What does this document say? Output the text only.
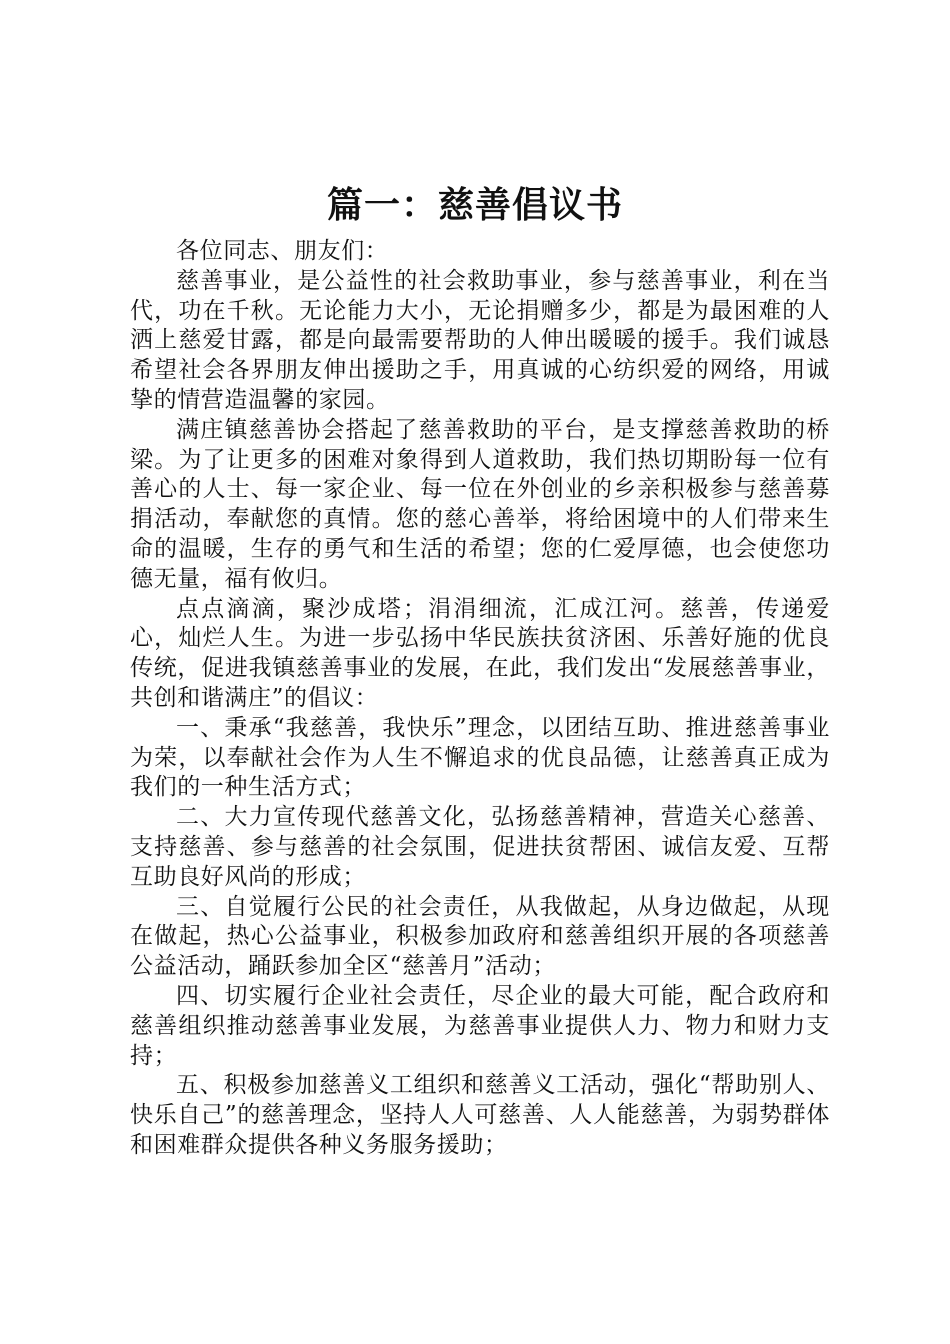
篇一：慈善倡议书

各位同志、朋友们：

慈善事业，是公益性的社会救助事业，参与慈善事业，利在当代，功在千秋。无论能力大小，无论捐赠多少，都是为最困难的人洒上慈爱甘露，都是向最需要帮助的人伸出暖暖的援手。我们诚恳希望社会各界朋友伸出援助之手，用真诚的心纺织爱的网络，用诚挚的情营造温馨的家园。

满庄镇慈善协会搭起了慈善救助的平台，是支撑慈善救助的桥梁。为了让更多的困难对象得到人道救助，我们热切期盼每一位有善心的人士、每一家企业、每一位在外创业的乡亲积极参与慈善募捐活动，奉献您的真情。您的慈心善举，将给困境中的人们带来生命的温暖，生存的勇气和生活的希望；您的仁爱厚德，也会使您功德无量，福有攸归。

点点滴滴，聚沙成塔；涓涓细流，汇成江河。慈善，传递爱心，灿烂人生。为进一步弘扬中华民族扶贫济困、乐善好施的优良传统，促进我镇慈善事业的发展，在此，我们发出“发展慈善事业，共创和谐满庄”的倡议：

一、秉承“我慈善，我快乐”理念，以团结互助、推进慈善事业为荣，以奉献社会作为人生不懈追求的优良品德，让慈善真正成为我们的一种生活方式；

二、大力宣传现代慈善文化，弘扬慈善精神，营造关心慈善、支持慈善、参与慈善的社会氛围，促进扶贫帮困、诚信友爱、互帮互助良好风尚的形成；

三、自觉履行公民的社会责任，从我做起，从身边做起，从现在做起，热心公益事业，积极参加政府和慈善组织开展的各项慈善公益活动，踊跃参加全区“慈善月”活动；

四、切实履行企业社会责任，尽企业的最大可能，配合政府和慈善组织推动慈善事业发展，为慈善事业提供人力、物力和财力支持；

五、积极参加慈善义工组织和慈善义工活动，强化“帮助别人、快乐自己”的慈善理念，坚持人人可慈善、人人能慈善，为弱势群体和困难群众提供各种义务服务援助；
